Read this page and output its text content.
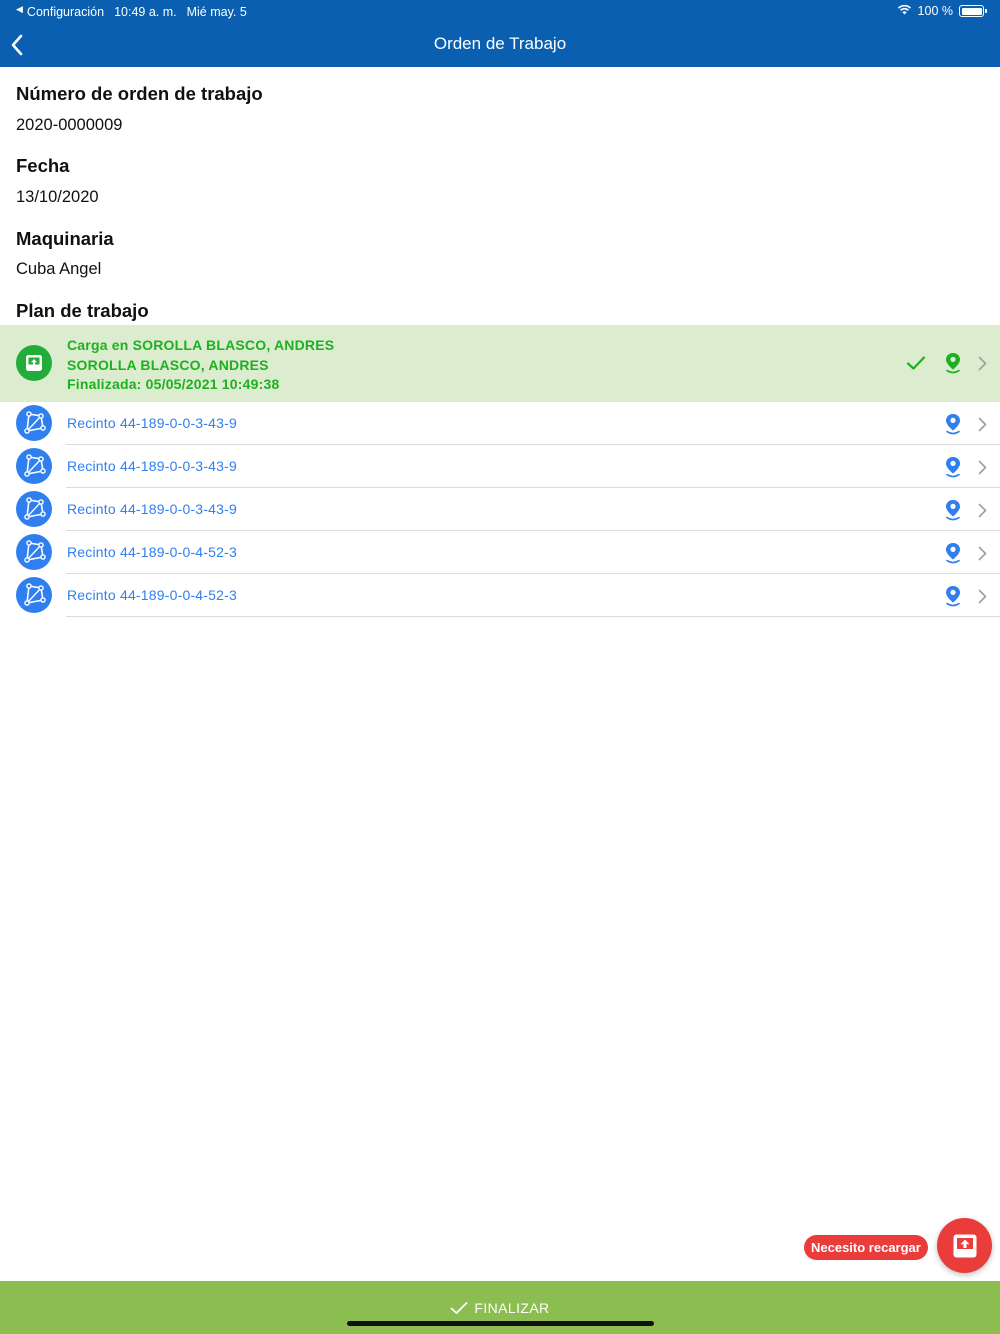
◀ Configuración 10:49 a. m. Mié may. 5	100 %
Orden de Trabajo
Número de orden de trabajo
2020-0000009
Fecha
13/10/2020
Maquinaria
Cuba Angel
Plan de trabajo
Carga en SOROLLA BLASCO, ANDRES
SOROLLA BLASCO, ANDRES
Finalizada: 05/05/2021 10:49:38
Recinto 44-189-0-0-3-43-9
Recinto 44-189-0-0-3-43-9
Recinto 44-189-0-0-3-43-9
Recinto 44-189-0-0-4-52-3
Recinto 44-189-0-0-4-52-3
Necesito recargar
FINALIZAR
